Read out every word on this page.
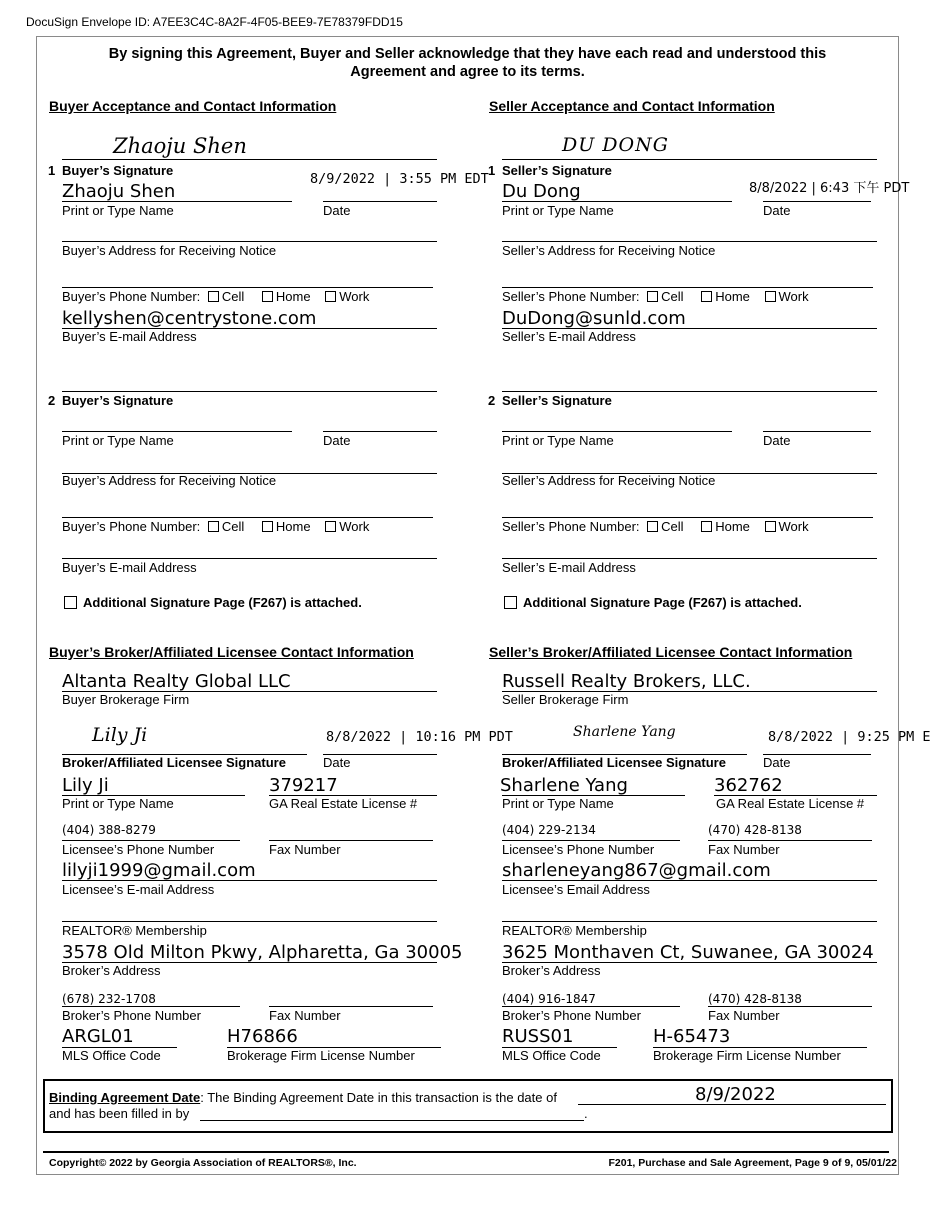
DocuSign Envelope ID: A7EE3C4C-8A2F-4F05-BEE9-7E78379FDD15
By signing this Agreement, Buyer and Seller acknowledge that they have each read and understood this
Agreement and agree to its terms.
Buyer Acceptance and Contact Information
Zhaoju Shen
1 Buyer’s Signature
8/9/2022 | 3:55 PM EDT
Zhaoju Shen
Print or Type Name	Date
Buyer’s Address for Receiving Notice
Buyer’s Phone Number: Cell Home Work
kellyshen@centrystone.com
Buyer’s E-mail Address
2 Buyer’s Signature
Print or Type Name	Date
Buyer’s Address for Receiving Notice
Buyer’s Phone Number: Cell Home Work
Buyer’s E-mail Address
Additional Signature Page (F267) is attached.
Seller Acceptance and Contact Information
DU DONG
1 Seller’s Signature
8/8/2022 | 6:43 下午 PDT
Du Dong
Print or Type Name	Date
Seller’s Address for Receiving Notice
Seller’s Phone Number: Cell Home Work
DuDong@sunld.com
Seller’s E-mail Address
2 Seller’s Signature
Print or Type Name	Date
Seller’s Address for Receiving Notice
Seller’s Phone Number: Cell Home Work
Seller’s E-mail Address
Additional Signature Page (F267) is attached.
Buyer’s Broker/Affiliated Licensee Contact Information
Altanta Realty Global LLC
Buyer Brokerage Firm
Lily Ji	8/8/2022 | 10:16 PM PDT
Broker/Affiliated Licensee Signature	Date
Lily Ji	379217
Print or Type Name	GA Real Estate License #
(404) 388-8279
Licensee’s Phone Number	Fax Number
lilyji1999@gmail.com
Licensee’s E-mail Address
REALTOR® Membership
3578 Old Milton Pkwy, Alpharetta, Ga 30005
Broker’s Address
(678) 232-1708
Broker’s Phone Number	Fax Number
ARGL01	H76866
MLS Office Code	Brokerage Firm License Number
Seller’s Broker/Affiliated Licensee Contact Information
Russell Realty Brokers, LLC.
Seller Brokerage Firm
Sharlene Yang	8/8/2022 | 9:25 PM E
Broker/Affiliated Licensee Signature	Date
Sharlene Yang	362762
Print or Type Name	GA Real Estate License #
(404) 229-2134	(470) 428-8138
Licensee’s Phone Number	Fax Number
sharleneyang867@gmail.com
Licensee’s Email Address
REALTOR® Membership
3625 Monthaven Ct, Suwanee, GA 30024
Broker’s Address
(404) 916-1847	(470) 428-8138
Broker’s Phone Number	Fax Number
RUSS01	H-65473
MLS Office Code	Brokerage Firm License Number
Binding Agreement Date: The Binding Agreement Date in this transaction is the date of	8/9/2022
and has been filled in by	.
Copyright© 2022 by Georgia Association of REALTORS®, Inc.	F201, Purchase and Sale Agreement, Page 9 of 9, 05/01/22
